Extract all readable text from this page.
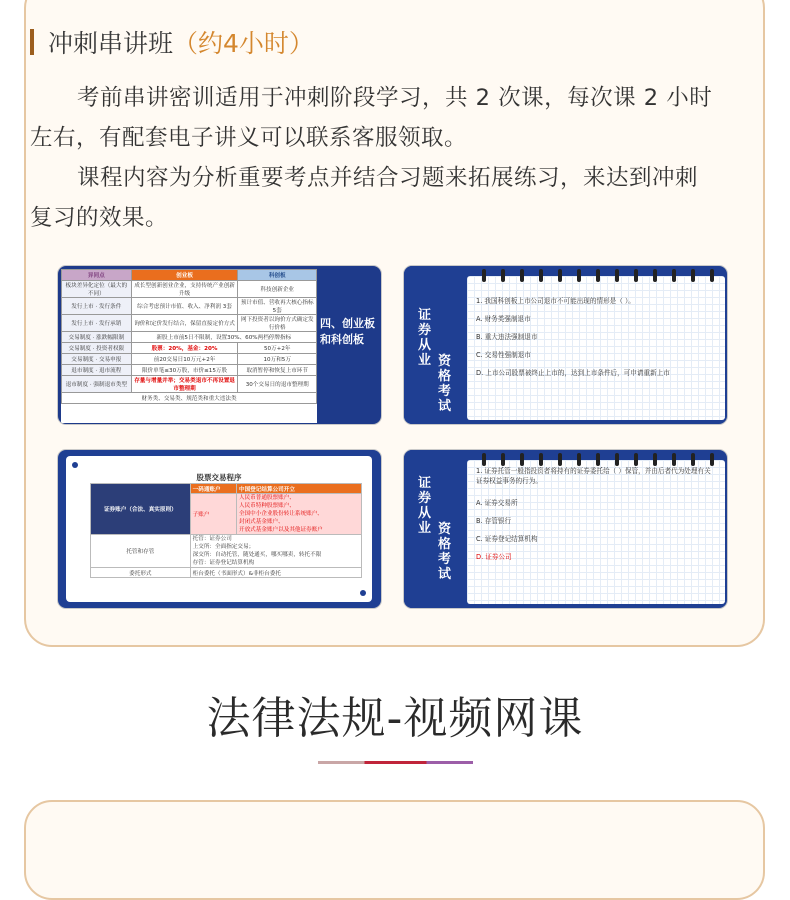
冲刺串讲班 （约4小时）

考前串讲密训适用于冲刺阶段学习，共 2 次课，每次课 2 小时左右，有配套电子讲义可以联系客服领取。

课程内容为分析重要考点并结合习题来拓展练习，来达到冲刺复习的效果。

异同点	创业板	科创板
板块差异化定位（最大的不同）	成长型创新创业企业，支持传统产业创新升级	科技创新企业
发行上市 · 发行条件	综合考虑预计市值、收入、净利润 3套	预计市值、营收再大核心指标 5套
发行上市 · 发行承销	询价和定价发行结合，保留直接定价方式	网下投资者以询价方式确定发行价格
交易制度 · 涨跌幅限制	新股上市前5日不限制，设置30%、60%两档停牌指标	
交易制度 · 投资者权限	股票：20%，基金：20%	50万+2年
交易制度 · 交易申报	前20交易日10万元+2年	10万和5万
退市制度 · 退市流程	限价单笔≤30万股，市价≤15万股	取消暂停和恢复上市环节
退市制度 · 强制退市类型	存量与增量并举；交易类退市不再设置退市整理期	30个交易日的退市整理期
财务类、交易类、规范类和重大违法类		
四、创业板和科创板
证券从业 资格考试
1. 我国科创板上市公司退市不可能出现的情形是（ ）。
A. 财务类强制退市
B. 重大违法强制退市
C. 交易性强制退市
D. 上市公司股票被终止上市的，达到上市条件后，可申请重新上市
股票交易程序
证券账户（合法、真实原则）	一码通账户	中国登记结算公司开立
	子账户	人民币普通股票账户、
人民币特种股票账户、
全国中小企业股份转让系统账户、
封闭式基金账户、
开放式基金账户以及其他证券账户

托管和存管	托管：证券公司
上交所：全面指定交易；
深交所：自动托管，随处通买，哪买哪卖，转托不限
存管：证券登记结算机构	

委托形式	柜台委托（书面形式）&非柜台委托	
证券从业 资格考试
1. 证券托管一般指投资者将持有的证券委托给（ ）保管，并由后者代为处理有关证券权益事务的行为。
A. 证券交易所
B. 存管银行
C. 证券登记结算机构
D. 证券公司
法律法规-视频网课
